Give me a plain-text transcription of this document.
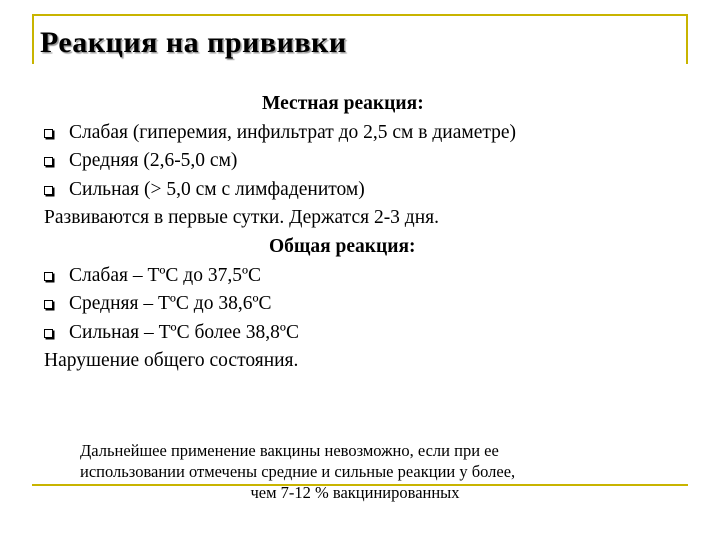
Реакция на прививки
Местная реакция:
Слабая (гиперемия, инфильтрат до 2,5 см в диаметре)
Средняя (2,6-5,0 см)
Сильная (> 5,0 см с лимфаденитом)
Развиваются в первые сутки. Держатся 2-3 дня.
Общая реакция:
Слабая – ТºС до 37,5ºС
Средняя – ТºС до 38,6ºС
Сильная – ТºС более 38,8ºС
Нарушение общего состояния.
Дальнейшее применение вакцины невозможно, если при ее
использовании отмечены средние и сильные реакции у более,
чем 7-12 % вакцинированных
